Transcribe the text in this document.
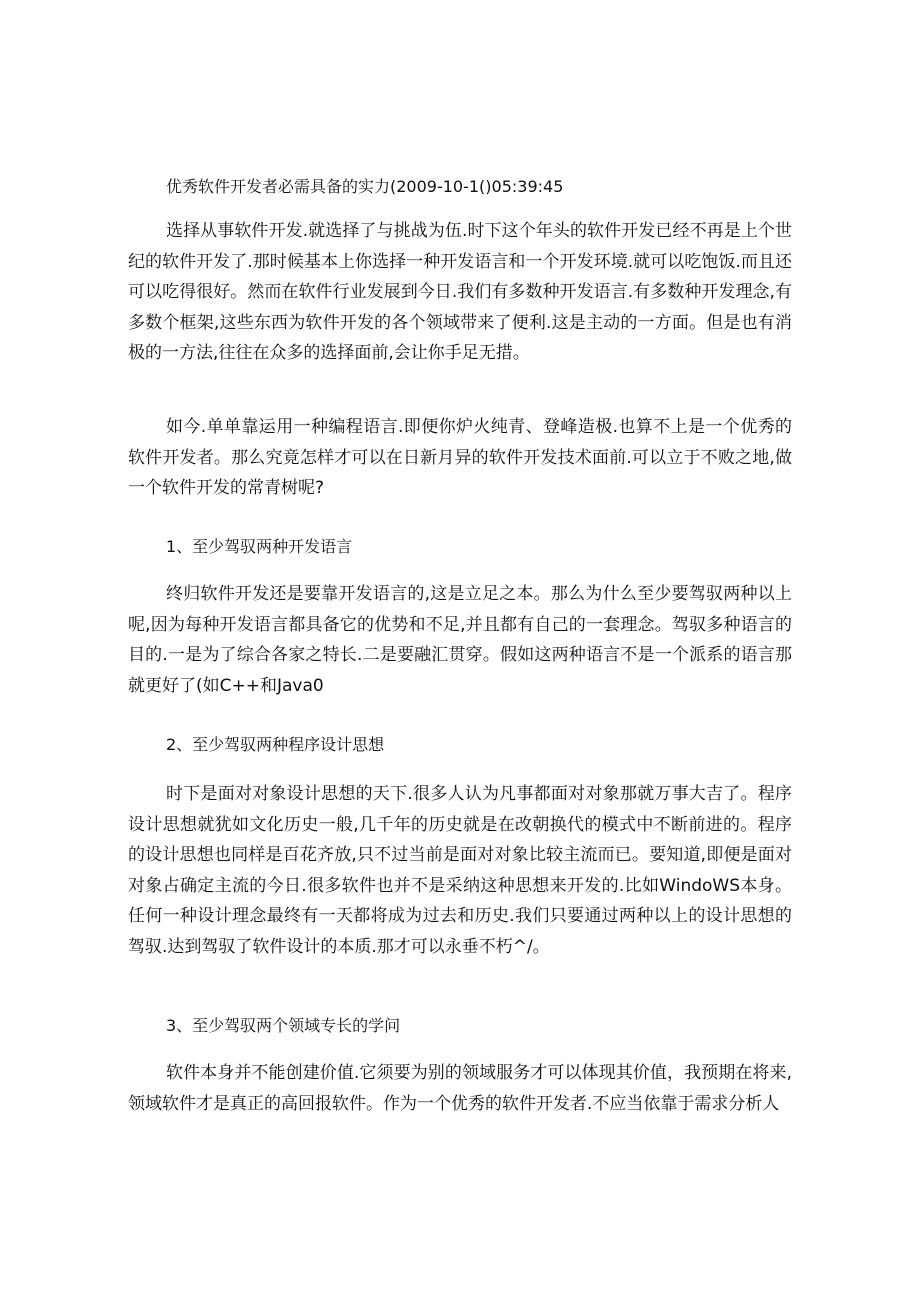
优秀软件开发者必需具备的实力(2009-10-1()05:39:45

选择从事软件开发.就选择了与挑战为伍.时下这个年头的软件开发已经不再是上个世纪的软件开发了.那时候基本上你选择一种开发语言和一个开发环境.就可以吃饱饭.而且还可以吃得很好。然而在软件行业发展到今日.我们有多数种开发语言.有多数种开发理念,有多数个框架,这些东西为软件开发的各个领域带来了便利.这是主动的一方面。但是也有消极的一方法,往往在众多的选择面前,会让你手足无措。

如今.单单靠运用一种编程语言.即便你炉火纯青、登峰造极.也算不上是一个优秀的软件开发者。那么究竟怎样才可以在日新月异的软件开发技术面前.可以立于不败之地,做一个软件开发的常青树呢?

1、至少驾驭两种开发语言

终归软件开发还是要靠开发语言的,这是立足之本。那么为什么至少要驾驭两种以上呢,因为每种开发语言都具备它的优势和不足,并且都有自己的一套理念。驾驭多种语言的目的.一是为了综合各家之特长.二是要融汇贯穿。假如这两种语言不是一个派系的语言那就更好了(如C++和Java0

2、至少驾驭两种程序设计思想

时下是面对对象设计思想的天下.很多人认为凡事都面对对象那就万事大吉了。程序设计思想就犹如文化历史一般,几千年的历史就是在改朝换代的模式中不断前进的。程序的设计思想也同样是百花齐放,只不过当前是面对对象比较主流而已。要知道,即便是面对对象占确定主流的今日.很多软件也并不是采纳这种思想来开发的.比如WindoWS本身。任何一种设计理念最终有一天都将成为过去和历史.我们只要通过两种以上的设计思想的驾驭.达到驾驭了软件设计的本质.那才可以永垂不朽^/。

3、至少驾驭两个领域专长的学问

软件本身并不能创建价值.它须要为别的领域服务才可以体现其价值，我预期在将来,领域软件才是真正的高回报软件。作为一个优秀的软件开发者.不应当依靠于需求分析人
